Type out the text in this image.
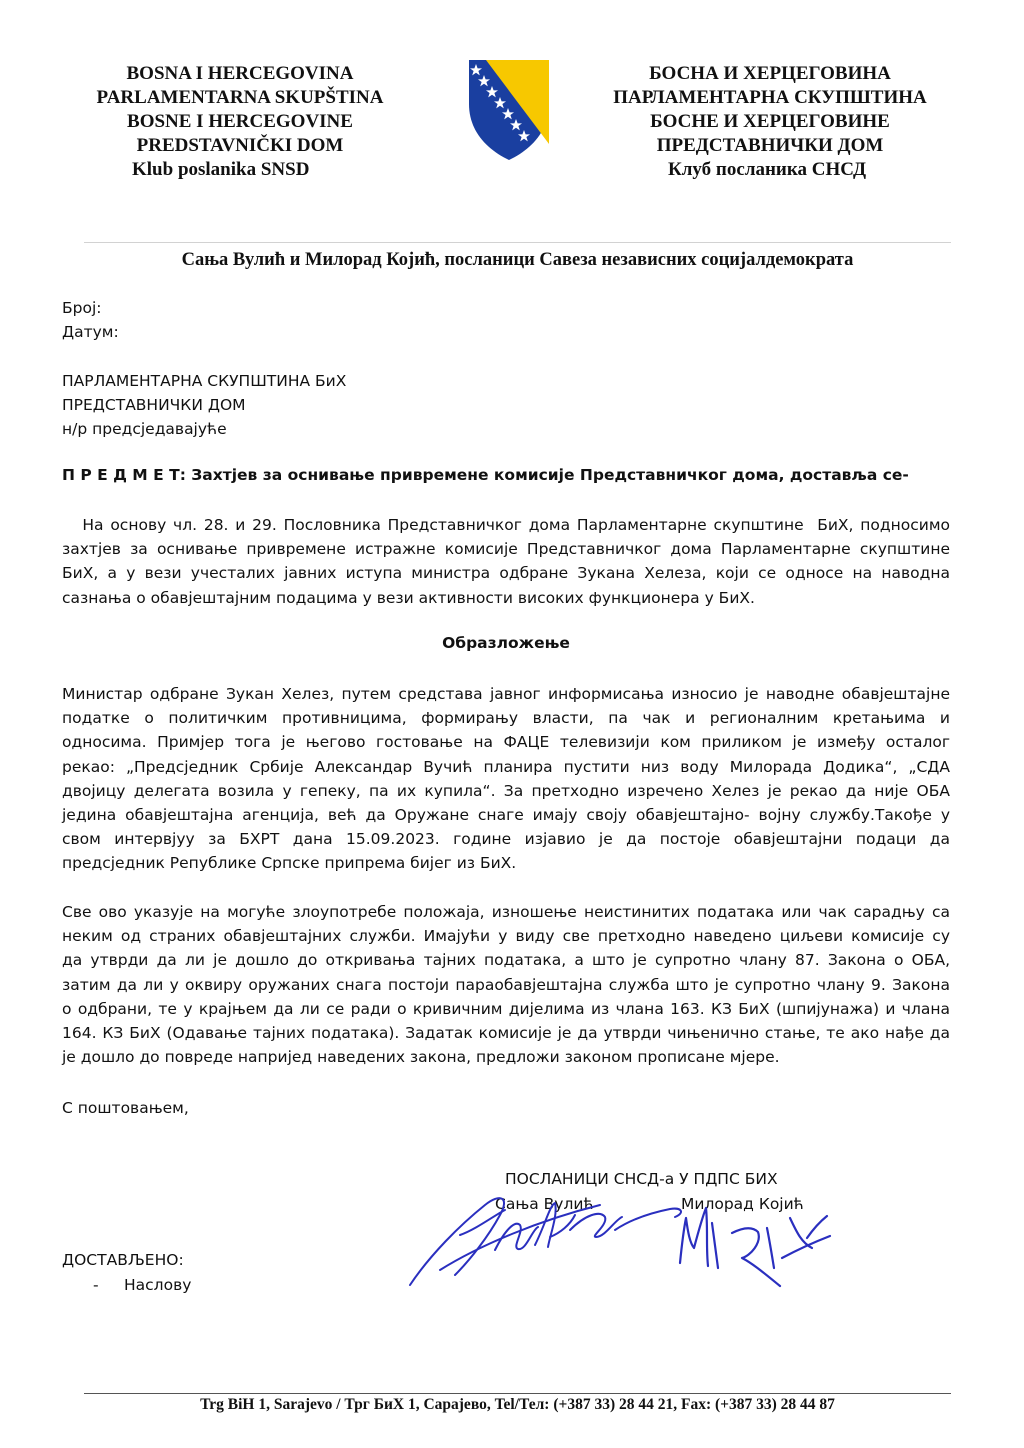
BOSNA I HERCEGOVINA
PARLAMENTARNA SKUPŠTINA
BOSNE I HERCEGOVINE
PREDSTAVNIČKI DOM
Klub poslanika SNSD
БОСНА И ХЕРЦЕГОВИНА
ПАРЛАМЕНТАРНА СКУПШТИНА
БОСНЕ И ХЕРЦЕГОВИНЕ
ПРЕДСТАВНИЧКИ ДОМ
Клуб посланика СНСД
Сања Вулић и Милорад Којић, посланици Савеза независних социјалдемократа
Број:
Датум:
ПАРЛАМЕНТАРНА СКУПШТИНА БиХ
ПРЕДСТАВНИЧКИ ДОМ
н/р предсједавајуће
П Р Е Д М Е Т: Захтјев за оснивање привремене комисије Представничког дома, доставља се-
На основу чл. 28. и 29. Пословника Представничког дома Парламентарне скупштине  БиХ, подносимо
захтјев за оснивање привремене истражне комисије Представничког дома Парламентарне скупштине
БиХ, а у вези учесталих јавних иступа министра одбране Зукана Хелеза, који се односе на наводна
сазнања о обавјештајним подацима у вези активности високих функционера у БиХ.
Образложење
Министар одбране Зукан Хелез, путем средстава јавног информисања износио је наводне обавјештајне
податке о политичким противницима, формирању власти, па чак и регионалним кретањима и
односима. Примјер тога је његово гостовање на ФАЦЕ телевизији ком приликом је између осталог
рекао: „Предсједник Србије Александар Вучић планира пустити низ воду Милорада Додика“, „СДА
двојицу делегата возила у гепеку, па их купила“. За претходно изречено Хелез је рекао да није ОБА
једина обавјештајна агенција, већ да Оружане снаге имају своју обавјештајно- војну службу.Такође у
свом интервјуу за БХРТ дана 15.09.2023. године изјавио је да постоје обавјештајни подаци да
предсједник Републике Српске припрема бијег из БиХ.
Све ово указује на могуће злоупотребе положаја, изношење неистинитих података или чак сарадњу са
неким од страних обавјештајних служби. Имајући у виду све претходно наведено циљеви комисије су
да утврди да ли је дошло до откривања тајних података, а што је супротно члану 87. Закона о ОБА,
затим да ли у оквиру оружаних снага постоји параобавјештајна служба што је супротно члану 9. Закона
о одбрани, те у крајњем да ли се ради о кривичним дијелима из члана 163. КЗ БиХ (шпијунажа) и члана
164. КЗ БиХ (Одавање тајних података). Задатак комисије је да утврди чињенично стање, те ако нађе да
је дошло до повреде напријед наведених закона, предложи законом прописане мјере.
С поштовањем,
ПОСЛАНИЦИ СНСД-а У ПДПС БИХ
Сања Вулић	Милорад Којић
ДОСТАВЉЕНО:
- Наслову
Trg BiH 1, Sarajevo / Трг БиХ 1, Сарајево, Tel/Тел: (+387 33) 28 44 21, Fax: (+387 33) 28 44 87
